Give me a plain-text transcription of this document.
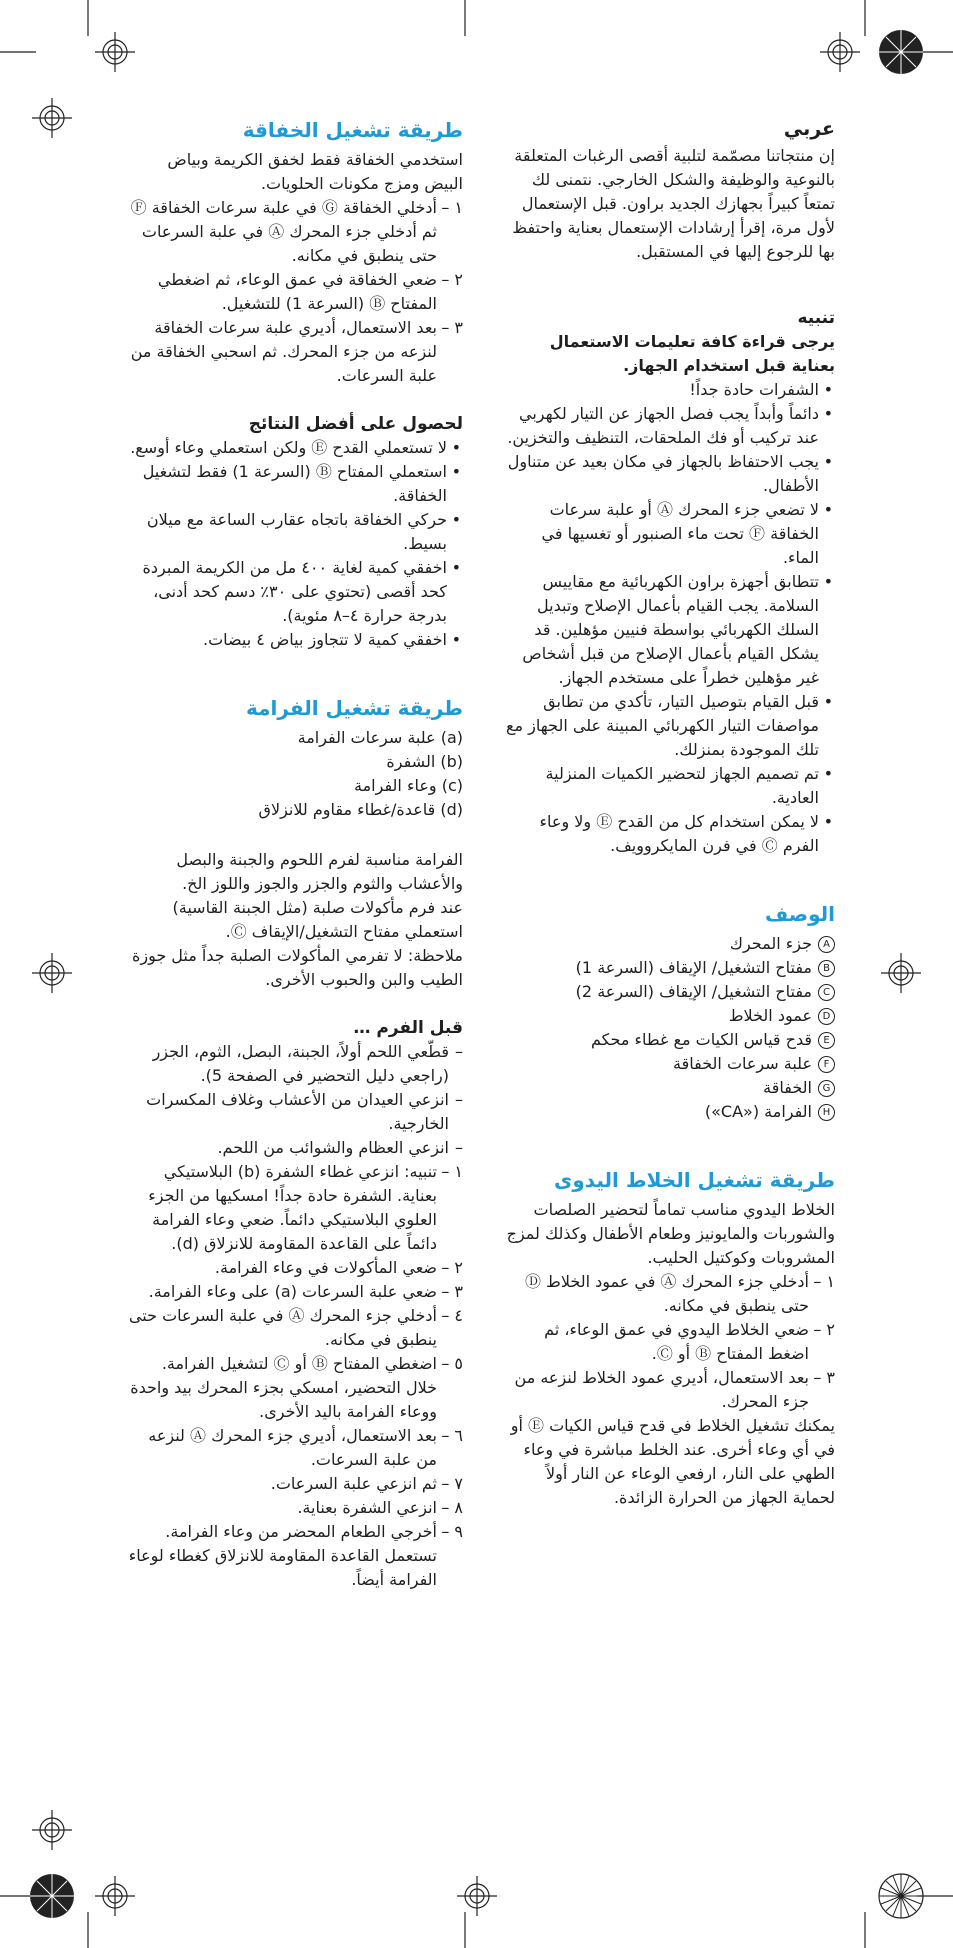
عربي

إن منتجاتنا مصمّمة لتلبية أقصى الرغبات المتعلقة بالنوعية والوظيفة والشكل الخارجي. نتمنى لك تمتعاً كبيراً بجهازك الجديد براون. قبل الإستعمال لأول مرة، إقرأ إرشادات الإستعمال بعناية واحتفظ بها للرجوع إليها في المستقبل.

تنبيه

يرجى قراءة كافة تعليمات الاستعمال بعناية قبل استخدام الجهاز.

• الشفرات حادة جداً!
• دائماً وأبداً يجب فصل الجهاز عن التيار لكهربي عند تركيب أو فك الملحقات، التنظيف والتخزين.
• يجب الاحتفاظ بالجهاز في مكان بعيد عن متناول الأطفال.
• لا تضعي جزء المحرك Ⓐ أو علبة سرعات الخفاقة Ⓕ تحت ماء الصنبور أو تغسيها في الماء.
• تتطابق أجهزة براون الكهربائية مع مقاييس السلامة. يجب القيام بأعمال الإصلاح وتبديل السلك الكهربائي بواسطة فنيين مؤهلين. قد يشكل القيام بأعمال الإصلاح من قبل أشخاص غير مؤهلين خطراً على مستخدم الجهاز.
• قبل القيام بتوصيل التيار، تأكدي من تطابق مواصفات التيار الكهربائي المبينة على الجهاز مع تلك الموجودة بمنزلك.
• تم تصميم الجهاز لتحضير الكميات المنزلية العادية.
• لا يمكن استخدام كل من القدح Ⓔ ولا وعاء الفرم Ⓒ في فرن المايكروويف.
الوصف
A
جزء المحرك
B
مفتاح التشغيل/ الإيقاف (السرعة 1)
C
مفتاح التشغيل/ الإيقاف (السرعة 2)
D
عمود الخلاط
E
قدح قياس الكيات مع غطاء محكم
F
علبة سرعات الخفاقة
G
الخفاقة
H
الفرامة («CA»)
طريقة تشغيل الخلاط اليدوى

الخلاط اليدوي مناسب تماماً لتحضير الصلصات والشوربات والمايونيز وطعام الأطفال وكذلك لمزج المشروبات وكوكتيل الحليب.

١ –
أدخلي جزء المحرك Ⓐ في عمود الخلاط Ⓓ حتى ينطبق في مكانه.
٢ –
ضعي الخلاط اليدوي في عمق الوعاء، ثم اضغط المفتاح Ⓑ أو Ⓒ.
٣ –
بعد الاستعمال، أديري عمود الخلاط لنزعه من جزء المحرك.

يمكنك تشغيل الخلاط في قدح قياس الكيات Ⓔ أو في أي وعاء أخرى. عند الخلط مباشرة في وعاء الطهي على النار، ارفعي الوعاء عن النار أولاً لحماية الجهاز من الحرارة الزائدة.

طريقة تشغيل الخفاقة

استخدمي الخفاقة فقط لخفق الكريمة وبياض البيض ومزج مكونات الحلويات.

١ –
أدخلي الخفاقة Ⓖ في علبة سرعات الخفاقة Ⓕ ثم أدخلي جزء المحرك Ⓐ في علبة السرعات حتى ينطبق في مكانه.
٢ –
ضعي الخفاقة في عمق الوعاء، ثم اضغطي المفتاح Ⓑ (السرعة 1) للتشغيل.
٣ –
بعد الاستعمال، أديري علبة سرعات الخفاقة لنزعه من جزء المحرك. ثم اسحبي الخفاقة من علبة السرعات.
لحصول على أفضل النتائج
• لا تستعملي القدح Ⓔ ولكن استعملي وعاء أوسع.
• استعملي المفتاح Ⓑ (السرعة 1) فقط لتشغيل الخفاقة.
• حركي الخفاقة باتجاه عقارب الساعة مع ميلان بسيط.
• اخفقي كمية لغاية ٤٠٠ مل من الكريمة المبردة كحد أقصى (تحتوي على ٣٠٪ دسم كحد أدنى، بدرجة حرارة ٤–٨ مئوية).
• اخفقي كمية لا تتجاوز بياض ٤ بيضات.
طريقة تشغيل الفرامة
(a) علبة سرعات الفرامة
(b) الشفرة
(c) وعاء الفرامة
(d) قاعدة/غطاء مقاوم للانزلاق

الفرامة مناسبة لفرم اللحوم والجبنة والبصل والأعشاب والثوم والجزر والجوز واللوز الخ.

عند فرم مأكولات صلبة (مثل الجبنة القاسية) استعملي مفتاح التشغيل/الإيقاف Ⓒ.

ملاحظة: لا تفرمي المأكولات الصلبة جداً مثل جوزة الطيب والبن والحبوب الأخرى.

قبل الفرم …
– قطّعي اللحم أولاً، الجبنة، البصل، الثوم، الجزر (راجعي دليل التحضير في الصفحة 5).
– انزعي العيدان من الأعشاب وغلاف المكسرات الخارجية.
– انزعي العظام والشوائب من اللحم.
١ –
تنبيه: انزعي غطاء الشفرة (b) البلاستيكي بعناية. الشفرة حادة جداً! امسكيها من الجزء العلوي البلاستيكي دائماً. ضعي وعاء الفرامة دائماً على القاعدة المقاومة للانزلاق (d).
٢ –
ضعي المأكولات في وعاء الفرامة.
٣ –
ضعي علبة السرعات (a) على وعاء الفرامة.
٤ –
أدخلي جزء المحرك Ⓐ في علبة السرعات حتى ينطبق في مكانه.
٥ –
اضغطي المفتاح Ⓑ أو Ⓒ لتشغيل الفرامة. خلال التحضير، امسكي بجزء المحرك بيد واحدة ووعاء الفرامة باليد الأخرى.
٦ –
بعد الاستعمال، أديري جزء المحرك Ⓐ لنزعه من علبة السرعات.
٧ –
ثم انزعي علبة السرعات.
٨ –
انزعي الشفرة بعناية.
٩ –
أخرجي الطعام المحضر من وعاء الفرامة. تستعمل القاعدة المقاومة للانزلاق كغطاء لوعاء الفرامة أيضاً.
